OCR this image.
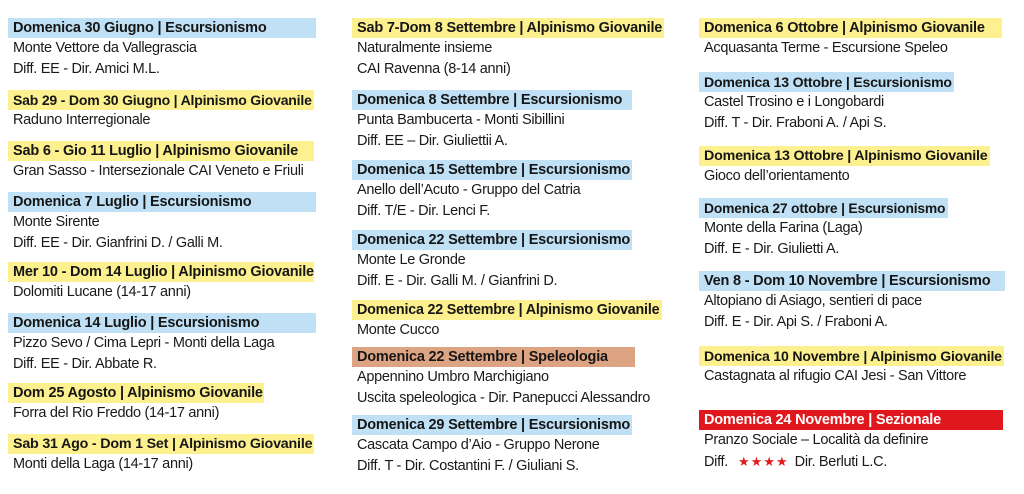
Domenica 30 Giugno | Escursionismo
Monte Vettore da Vallegrascia
Diff. EE - Dir. Amici M.L.
Sab 29 - Dom 30 Giugno | Alpinismo Giovanile
Raduno Interregionale
Sab 6 - Gio 11 Luglio | Alpinismo Giovanile
Gran Sasso - Intersezionale CAI Veneto e Friuli
Domenica 7 Luglio | Escursionismo
Monte Sirente
Diff. EE - Dir. Gianfrini D. / Galli M.
Mer 10 - Dom 14 Luglio | Alpinismo Giovanile
Dolomiti Lucane (14-17 anni)
Domenica 14 Luglio | Escursionismo
Pizzo Sevo / Cima Lepri - Monti della Laga
Diff. EE - Dir. Abbate R.
Dom 25 Agosto | Alpinismo Giovanile
Forra del Rio Freddo (14-17 anni)
Sab 31 Ago - Dom 1 Set | Alpinismo Giovanile
Monti della Laga (14-17 anni)
Sab 7-Dom 8 Settembre | Alpinismo Giovanile
Naturalmente insieme
CAI Ravenna (8-14 anni)
Domenica 8 Settembre | Escursionismo
Punta Bambucerta - Monti Sibillini
Diff. EE – Dir. Giuliettii A.
Domenica 15 Settembre | Escursionismo
Anello dell’Acuto - Gruppo del Catria
Diff. T/E - Dir. Lenci F.
Domenica 22 Settembre | Escursionismo
Monte Le Gronde
Diff. E - Dir. Galli M. / Gianfrini D.
Domenica 22 Settembre | Alpinismo Giovanile
Monte Cucco
Domenica 22 Settembre | Speleologia
Appennino Umbro Marchigiano
Uscita speleologica - Dir. Panepucci Alessandro
Domenica 29 Settembre | Escursionismo
Cascata Campo d’Aio - Gruppo Nerone
Diff. T - Dir. Costantini F. / Giuliani S.
Domenica 6 Ottobre | Alpinismo Giovanile
Acquasanta Terme - Escursione Speleo
Domenica 13 Ottobre | Escursionismo
Castel Trosino e i Longobardi
Diff. T - Dir. Fraboni A. / Api S.
Domenica 13 Ottobre | Alpinismo Giovanile
Gioco dell’orientamento
Domenica 27 ottobre | Escursionismo
Monte della Farina (Laga)
Diff. E - Dir. Giulietti A.
Ven 8 - Dom 10 Novembre | Escursionismo
Altopiano di Asiago, sentieri di pace
Diff. E - Dir. Api S. / Fraboni A.
Domenica 10 Novembre | Alpinismo Giovanile
Castagnata al rifugio CAI Jesi - San Vittore
Domenica 24 Novembre | Sezionale
Pranzo Sociale – Località da definire
Diff. ★★★★ Dir. Berluti L.C.
